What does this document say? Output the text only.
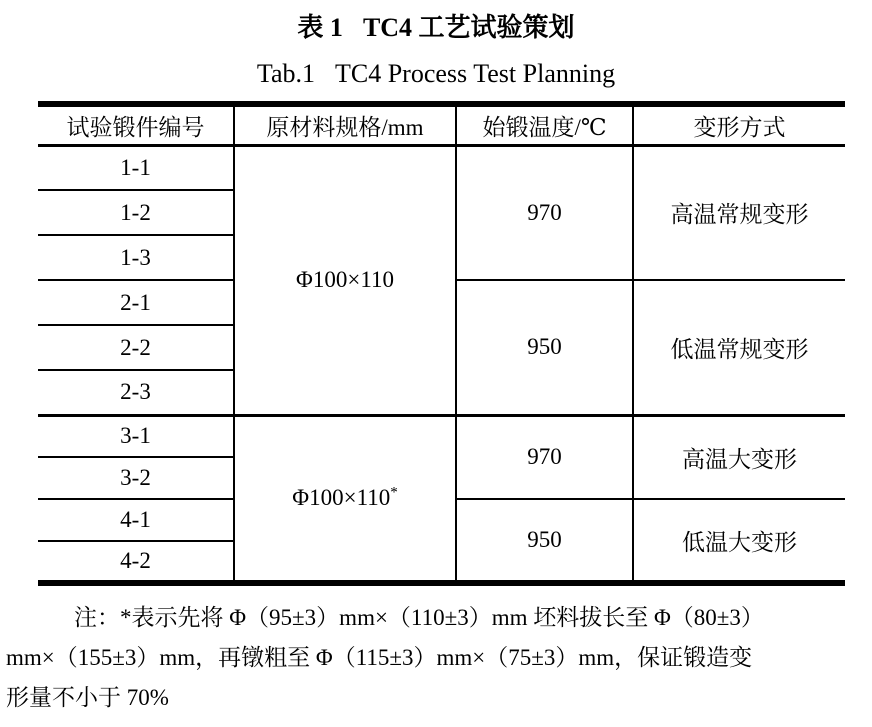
表 1 TC4 工艺试验策划
Tab.1 TC4 Process Test Planning
试验锻件编号	原材料规格/mm	始锻温度/℃	变形方式
1-1	Φ100×110	970	高温常规变形
1-2			
1-3			
2-1		950	低温常规变形
2-2			
2-3			
3-1	Φ100×110*	970	高温大变形
3-2			
4-1		950	低温大变形
4-2			
注：*表示先将 Φ（95±3）mm×（110±3）mm 坯料拔长至 Φ（80±3）
mm×（155±3）mm，再镦粗至 Φ（115±3）mm×（75±3）mm，保证锻造变
形量不小于 70%
